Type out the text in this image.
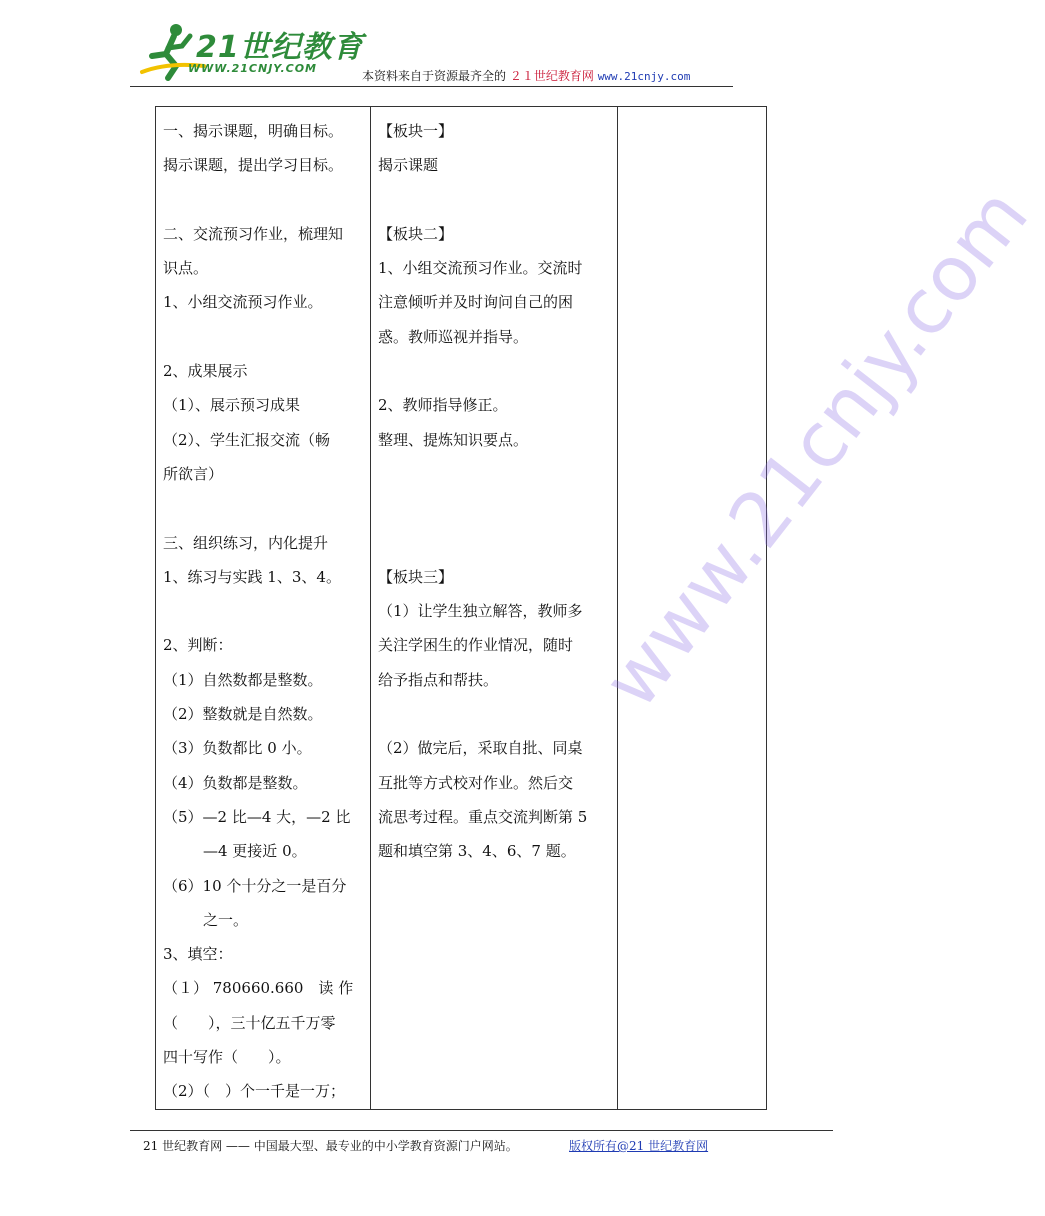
21世纪教育
WWW.21CNJY.COM
本资料来自于资源最齐全的 ２１世纪教育网 www.21cnjy.com
一、揭示课题，明确目标。
揭示课题，提出学习目标。
二、交流预习作业，梳理知
识点。
1、小组交流预习作业。
2、成果展示
（1）、展示预习成果
（2）、学生汇报交流（畅
所欲言）
三、组织练习，内化提升
1、练习与实践 1、3、4。
2、判断：
（1）自然数都是整数。
（2）整数就是自然数。
（3）负数都比 0 小。
（4）负数都是整数。
（5）—2 比—4 大，—2 比
—4 更接近 0。
（6）10 个十分之一是百分
之一。
3、填空：
（１） 780660.660　读 作
（　　），三十亿五千万零
四十写作（　　）。
（2）（　）个一千是一万；

【板块一】
揭示课题
【板块二】
1、小组交流预习作业。交流时
注意倾听并及时询问自己的困
惑。教师巡视并指导。
2、教师指导修正。
整理、提炼知识要点。
【板块三】
（1）让学生独立解答，教师多
关注学困生的作业情况，随时
给予指点和帮扶。
（2）做完后，采取自批、同桌
互批等方式校对作业。然后交
流思考过程。重点交流判断第 5
题和填空第 3、4、6、7 题。

www.21cnjy.com
21 世纪教育网 —— 中国最大型、最专业的中小学教育资源门户网站。	版权所有@21 世纪教育网
